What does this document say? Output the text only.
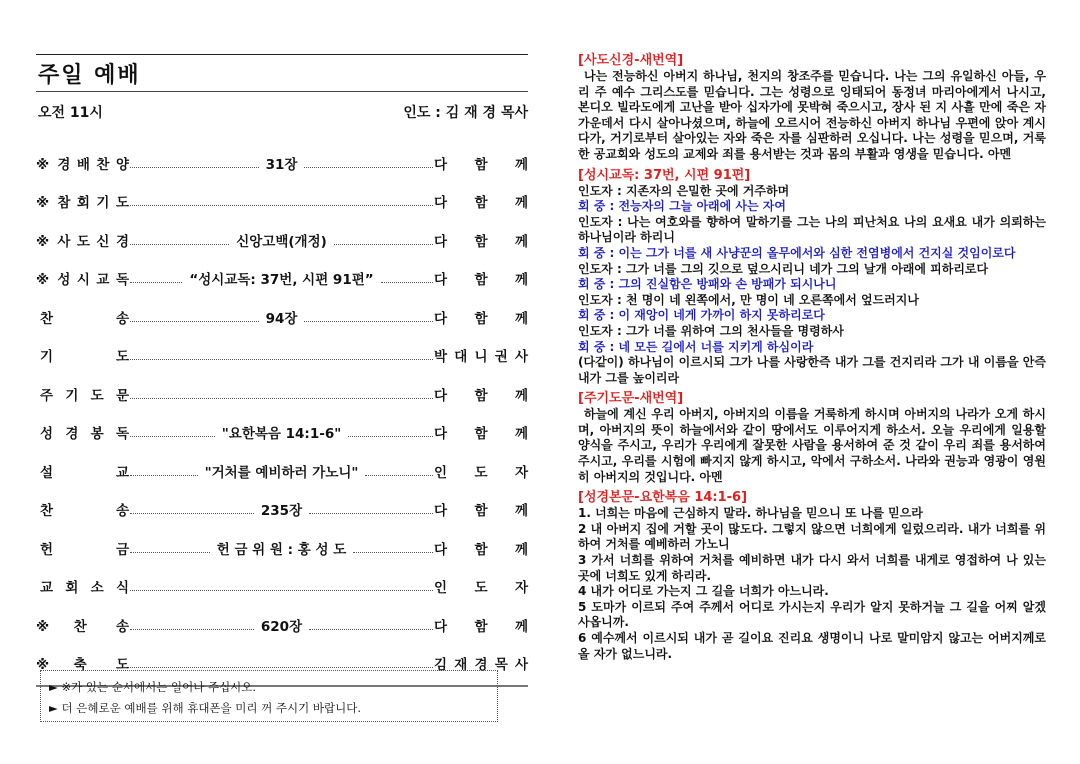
주일 예배
오전 11시	인도 : 김 재 경 목사
※ 경 배 찬 양	31장	다 함 께
※ 참 회 기 도	다 함 께
※ 사 도 신 경	신앙고백(개정)	다 함 께
※ 성 시 교 독	“성시교독: 37번, 시편 91편”	다 함 께
찬 송	94장	다 함 께
기 도	박 대 니 권 사
주 기 도 문	다 함 께
성 경 봉 독	"요한복음 14:1-6"	다 함 께
설 교	"거처를 예비하러 가노니"	인 도 자
찬 송	235장	다 함 께
헌 금	헌 금 위 원 : 홍 성 도	다 함 께
교 회 소 식	인 도 자
※찬 송	620장	다 함 께
※축 도	김 재 경 목 사
► ※가 있는 순서에서는 일어나 주십시오.
► 더 은혜로운 예배를 위해 휴대폰을 미리 꺼 주시기 바랍니다.
[사도신경-새번역]

나는 전능하신 아버지 하나님, 천지의 창조주를 믿습니다. 나는 그의 유일하신 아들, 우리 주 예수 그리스도를 믿습니다. 그는 성령으로 잉태되어 동정녀 마리아에게서 나시고, 본디오 빌라도에게 고난을 받아 십자가에 못박혀 죽으시고, 장사 된 지 사흘 만에 죽은 자 가운데서 다시 살아나셨으며, 하늘에 오르시어 전능하신 아버지 하나님 우편에 앉아 계시다가, 거기로부터 살아있는 자와 죽은 자를 심판하러 오십니다. 나는 성령을 믿으며, 거룩한 공교회와 성도의 교제와 죄를 용서받는 것과 몸의 부활과 영생을 믿습니다. 아멘

[성시교독: 37번, 시편 91편]

인도자 : 지존자의 은밀한 곳에 거주하며

회 중 : 전능자의 그늘 아래에 사는 자여

인도자 : 나는 여호와를 향하여 말하기를 그는 나의 피난처요 나의 요새요 내가 의뢰하는 하나님이라 하리니

회 중 : 이는 그가 너를 새 사냥꾼의 올무에서와 심한 전염병에서 건지실 것임이로다

인도자 : 그가 너를 그의 깃으로 덮으시리니 네가 그의 날개 아래에 피하리로다

회 중 : 그의 진실함은 방패와 손 방패가 되시나니

인도자 : 천 명이 네 왼쪽에서, 만 명이 네 오른쪽에서 엎드러지나

회 중 : 이 재앙이 네게 가까이 하지 못하리로다

인도자 : 그가 너를 위하여 그의 천사들을 명령하사

회 중 : 네 모든 길에서 너를 지키게 하심이라

(다같이) 하나님이 이르시되 그가 나를 사랑한즉 내가 그를 건지리라 그가 내 이름을 안즉 내가 그를 높이리라

[주기도문-새번역]

하늘에 계신 우리 아버지, 아버지의 이름을 거룩하게 하시며 아버지의 나라가 오게 하시며, 아버지의 뜻이 하늘에서와 같이 땅에서도 이루어지게 하소서. 오늘 우리에게 일용할 양식을 주시고, 우리가 우리에게 잘못한 사람을 용서하여 준 것 같이 우리 죄를 용서하여 주시고, 우리를 시험에 빠지지 않게 하시고, 악에서 구하소서. 나라와 권능과 영광이 영원히 아버지의 것입니다. 아멘

[성경본문-요한복음 14:1-6]

1. 너희는 마음에 근심하지 말라. 하나님을 믿으니 또 나를 믿으라

2 내 아버지 집에 거할 곳이 많도다. 그렇지 않으면 너희에게 일렀으리라. 내가 너희를 위하여 거처를 예베하러 가노니

3 가서 너희를 위하여 거처를 예비하면 내가 다시 와서 너희를 내게로 영접하여 나 있는 곳에 너희도 있게 하리라.

4 내가 어디로 가는지 그 길을 너희가 아느니라.

5 도마가 이르되 주여 주께서 어디로 가시는지 우리가 알지 못하거늘 그 길을 어찌 알겠사옵니까.

6 예수께서 이르시되 내가 곧 길이요 진리요 생명이니 나로 말미암지 않고는 어버지께로 올 자가 없느니라.
